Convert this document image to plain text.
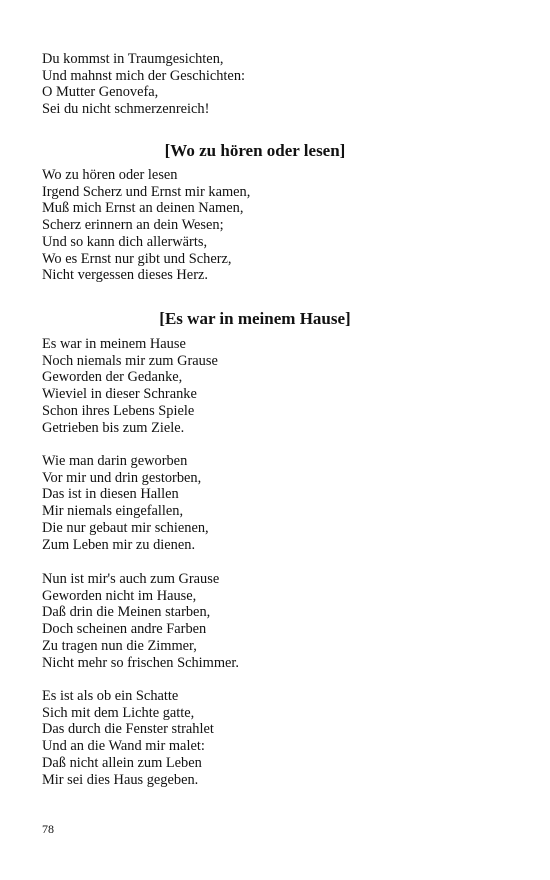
Du kommst in Traumgesichten,
Und mahnst mich der Geschichten:
O Mutter Genovefa,
Sei du nicht schmerzenreich!
[Wo zu hören oder lesen]
Wo zu hören oder lesen
Irgend Scherz und Ernst mir kamen,
Muß mich Ernst an deinen Namen,
Scherz erinnern an dein Wesen;
Und so kann dich allerwärts,
Wo es Ernst nur gibt und Scherz,
Nicht vergessen dieses Herz.
[Es war in meinem Hause]
Es war in meinem Hause
Noch niemals mir zum Grause
Geworden der Gedanke,
Wieviel in dieser Schranke
Schon ihres Lebens Spiele
Getrieben bis zum Ziele.
Wie man darin geworben
Vor mir und drin gestorben,
Das ist in diesen Hallen
Mir niemals eingefallen,
Die nur gebaut mir schienen,
Zum Leben mir zu dienen.
Nun ist mir's auch zum Grause
Geworden nicht im Hause,
Daß drin die Meinen starben,
Doch scheinen andre Farben
Zu tragen nun die Zimmer,
Nicht mehr so frischen Schimmer.
Es ist als ob ein Schatte
Sich mit dem Lichte gatte,
Das durch die Fenster strahlet
Und an die Wand mir malet:
Daß nicht allein zum Leben
Mir sei dies Haus gegeben.
78
